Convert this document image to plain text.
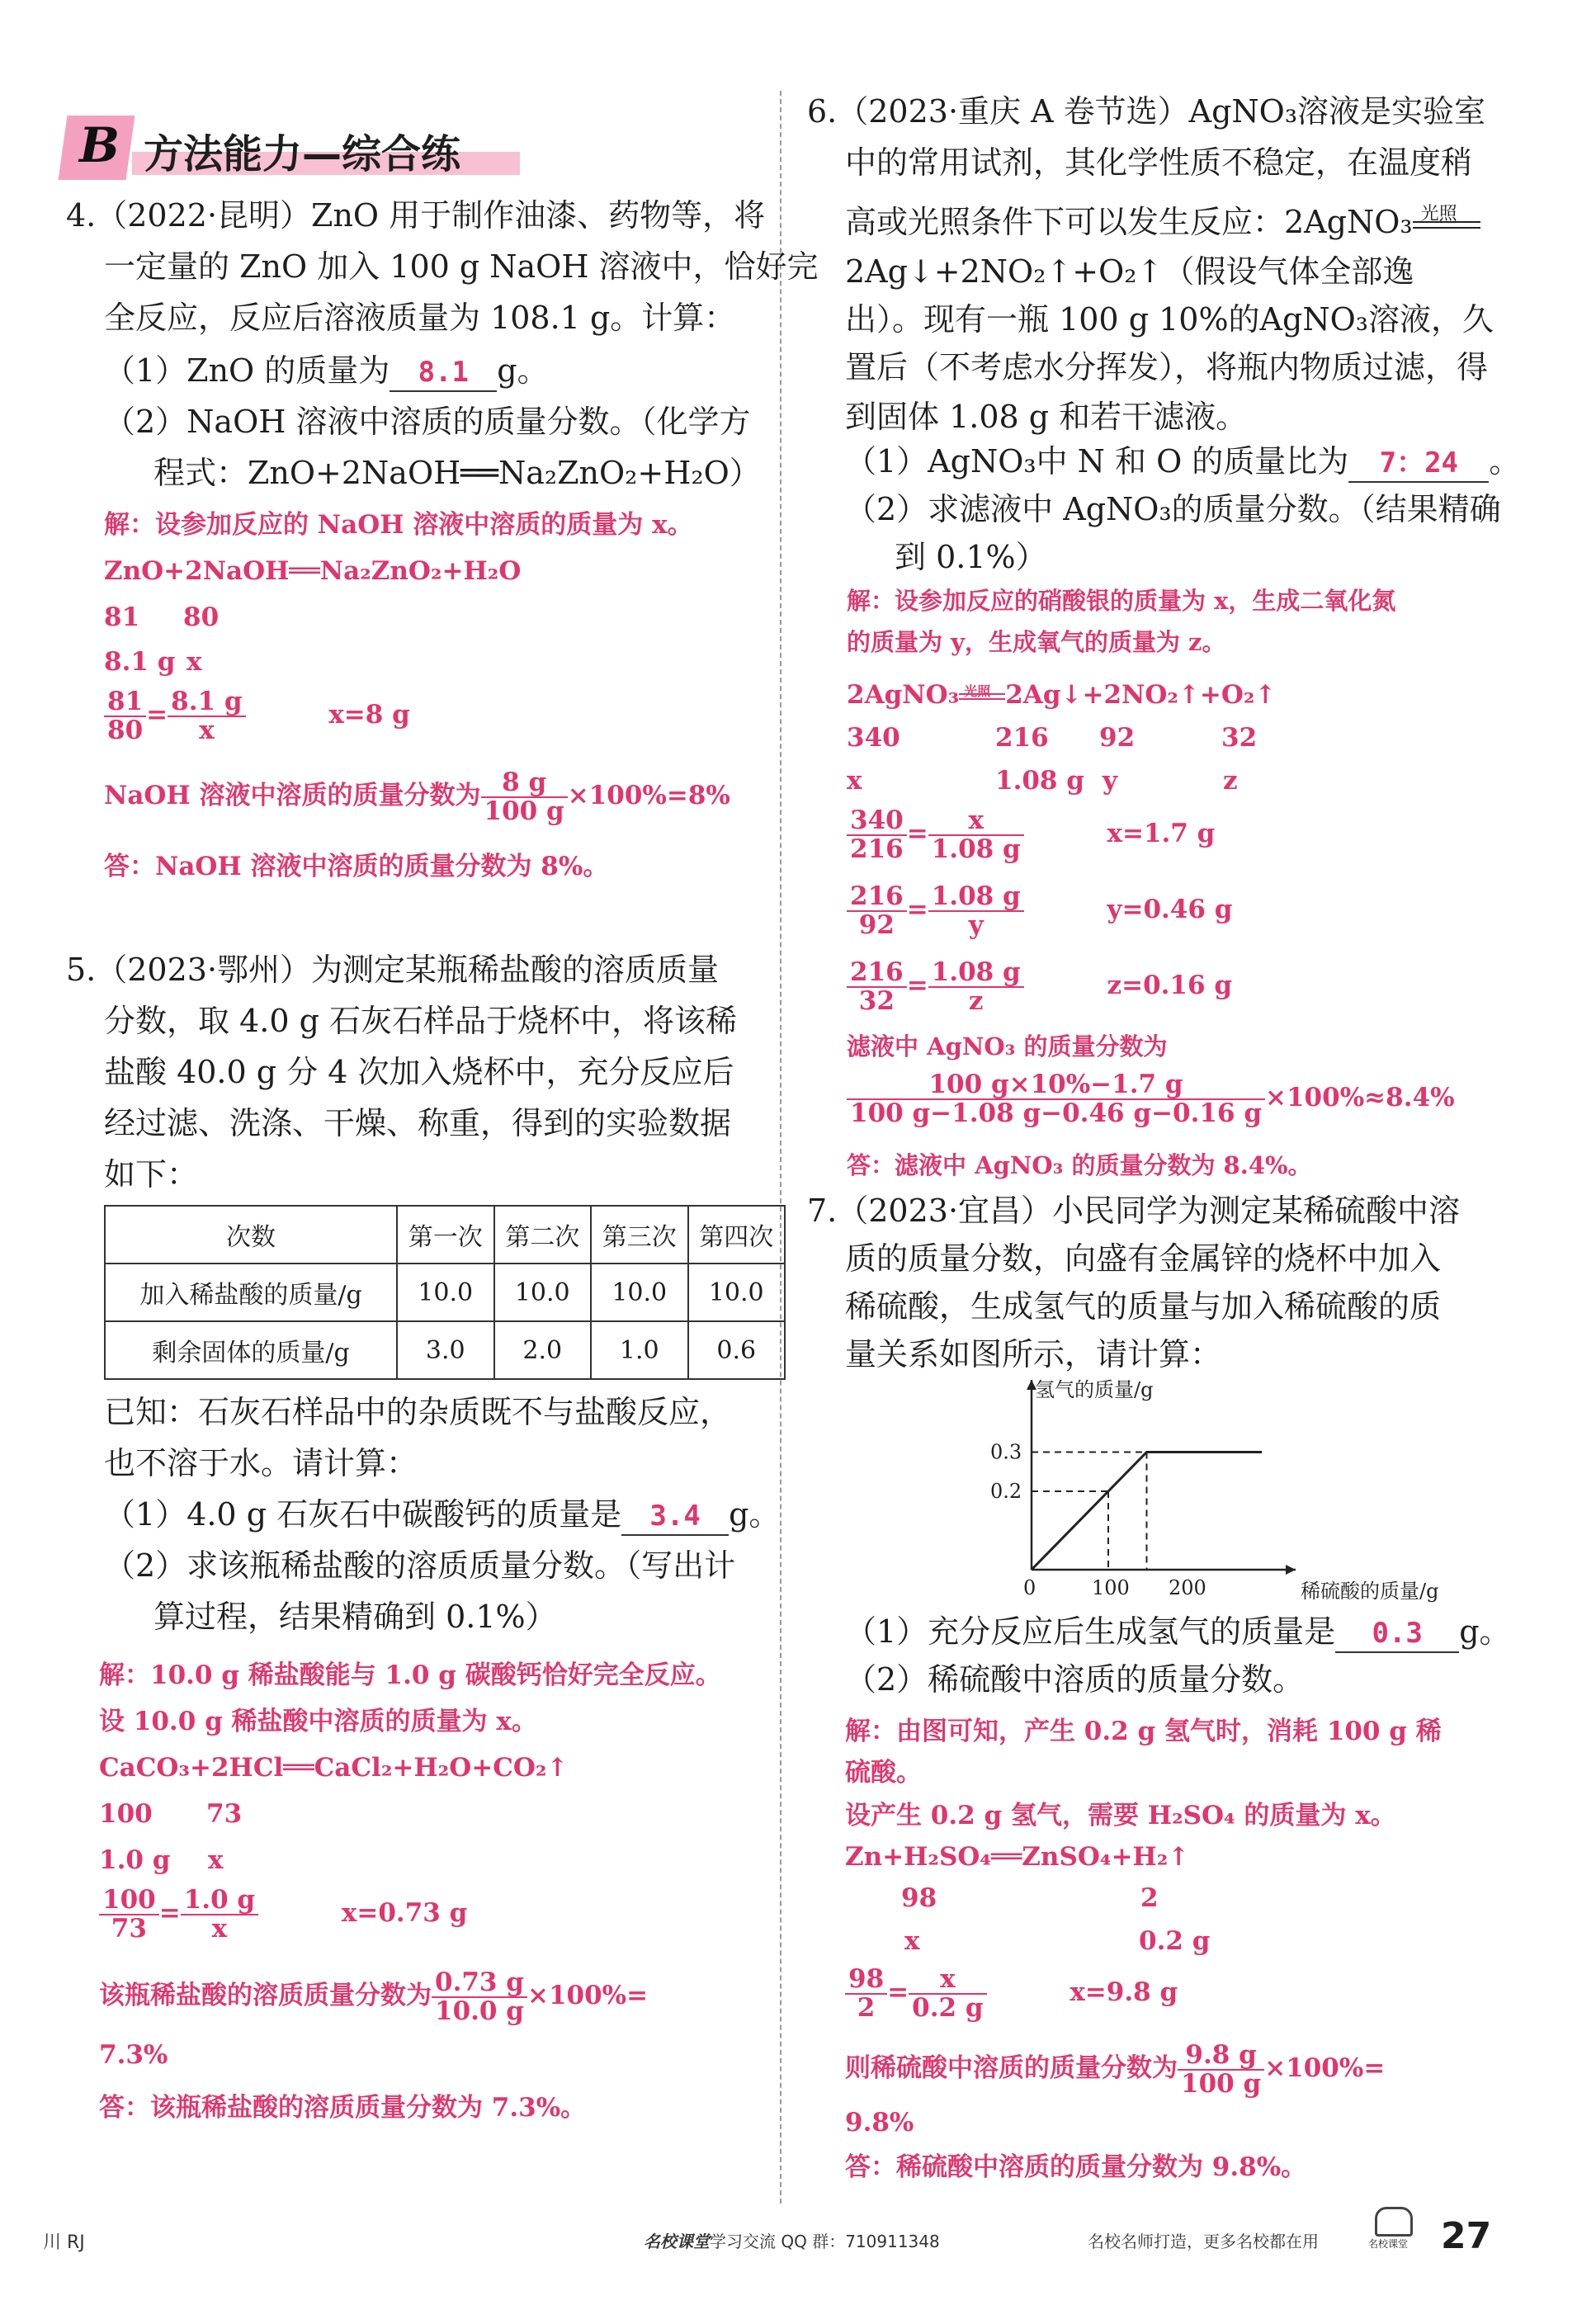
B 方法能力—综合练
4.（2022·昆明）ZnO 用于制作油漆、药物等，将
一定量的 ZnO 加入 100 g NaOH 溶液中，恰好完
全反应，反应后溶液质量为 108.1 g。计算：
（1）ZnO 的质量为 8.1 g。
（2）NaOH 溶液中溶质的质量分数。（化学方
程式：ZnO+2NaOH══Na₂ZnO₂+H₂O）
解：设参加反应的 NaOH 溶液中溶质的质量为 x。
ZnO+2NaOH══Na₂ZnO₂+H₂O
81 80
8.1 g x
$\frac{81}{80} = \frac{8.1 g}{x}$	x=8 g
NaOH 溶液中溶质的质量分数为 $\frac{8 g}{100 g} \times 100\%=8\%$
答：NaOH 溶液中溶质的质量分数为 8%。
5.（2023·鄂州）为测定某瓶稀盐酸的溶质质量
分数，取 4.0 g 石灰石样品于烧杯中，将该稀
盐酸 40.0 g 分 4 次加入烧杯中，充分反应后
经过滤、洗涤、干燥、称重，得到的实验数据
如下：
次数	第一次	第二次	第三次	第四次
加入稀盐酸的质量/g	10.0	10.0	10.0	10.0
剩余固体的质量/g	3.0	2.0	1.0	0.6
已知：石灰石样品中的杂质既不与盐酸反应，
也不溶于水。请计算：
（1）4.0 g 石灰石中碳酸钙的质量是 3.4 g。
（2）求该瓶稀盐酸的溶质质量分数。（写出计
算过程，结果精确到 0.1%）
解：10.0 g 稀盐酸能与 1.0 g 碳酸钙恰好完全反应。
设 10.0 g 稀盐酸中溶质的质量为 x。
CaCO₃+2HCl══CaCl₂+H₂O+CO₂↑
100 73
1.0 g x
$\frac{100}{73} = \frac{1.0 g}{x}$	x=0.73 g
该瓶稀盐酸的溶质质量分数为 $\frac{0.73 g}{10.0 g} \times 100\%=$
7.3%
答：该瓶稀盐酸的溶质质量分数为 7.3%。
6.（2023·重庆 A 卷节选）AgNO₃溶液是实验室
中的常用试剂，其化学性质不稳定，在温度稍
高或光照条件下可以发生反应：2AgNO₃ 光照
2Ag↓+2NO₂↑+O₂↑（假设气体全部逸
出）。现有一瓶 100 g 10%的AgNO₃溶液，久
置后（不考虑水分挥发），将瓶内物质过滤，得
到固体 1.08 g 和若干滤液。
（1）AgNO₃中 N 和 O 的质量比为 7：24 。
（2）求滤液中 AgNO₃的质量分数。（结果精确
到 0.1%）
解：设参加反应的硝酸银的质量为 x，生成二氧化氮
的质量为 y，生成氧气的质量为 z。
2AgNO₃ 光照 2Ag↓+2NO₂↑+O₂↑
340	216 92	32
x	1.08 g y	z
$\frac{340}{216} = \frac{x}{1.08 g}$	x=1.7 g
$\frac{216}{92} = \frac{1.08 g}{y}$	y=0.46 g
$\frac{216}{32} = \frac{1.08 g}{z}$	z=0.16 g
滤液中 AgNO₃ 的质量分数为
$\frac{100 g\times 10\%-1.7 g}{100 g-1.08 g-0.46 g-0.16 g} \times 100\%\approx 8.4\%$
答：滤液中 AgNO₃ 的质量分数为 8.4%。
7.（2023·宜昌）小民同学为测定某稀硫酸中溶
质的质量分数，向盛有金属锌的烧杯中加入
稀硫酸，生成氢气的质量与加入稀硫酸的质
量关系如图所示，请计算：
氢气的质量/g
稀硫酸的质量/g
0	100 200
0.2
0.3
（1）充分反应后生成氢气的质量是 0.3 g。
（2）稀硫酸中溶质的质量分数。
解：由图可知，产生 0.2 g 氢气时，消耗 100 g 稀
硫酸。
设产生 0.2 g 氢气，需要 H₂SO₄ 的质量为 x。
Zn+H₂SO₄══ZnSO₄+H₂↑
98	2
x	0.2 g
$\frac{98}{2} = \frac{x}{0.2 g}$	x=9.8 g
则稀硫酸中溶质的质量分数为 $\frac{9.8 g}{100 g} \times 100\%=$
9.8%
答：稀硫酸中溶质的质量分数为 9.8%。
川 RJ	名校课堂学习交流 QQ 群：710911348	名校名师打造，更多名校都在用	名校课堂 27
